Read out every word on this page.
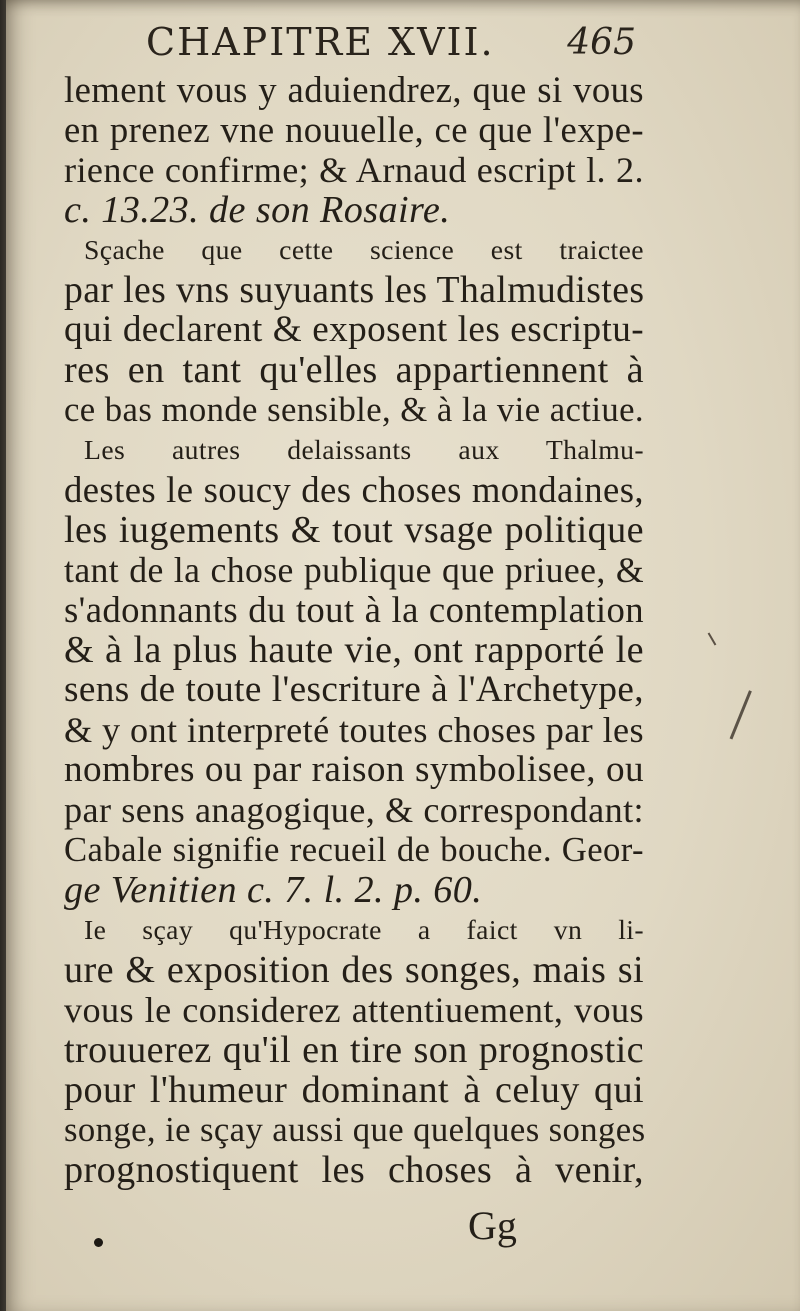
CHAPITRE XVII. 465
lement vous y aduiendrez, que si vous
en prenez vne nouuelle, ce que l'expe-
rience confirme; & Arnaud escript l. 2.
c. 13.23. de son Rosaire.
Sçache que cette science est traictee
par les vns suyuants les Thalmudistes
qui declarent & exposent les escriptu-
res en tant qu'elles appartiennent à
ce bas monde sensible, & à la vie actiue.
Les autres delaissants aux Thalmu-
destes le soucy des choses mondaines,
les iugements & tout vsage politique
tant de la chose publique que priuee, &
s'adonnants du tout à la contemplation
& à la plus haute vie, ont rapporté le
sens de toute l'escriture à l'Archetype,
& y ont interpreté toutes choses par les
nombres ou par raison symbolisee, ou
par sens anagogique, & correspondant:
Cabale signifie recueil de bouche. Geor-
ge Venitien c. 7. l. 2. p. 60.
Ie sçay qu'Hypocrate a faict vn li-
ure & exposition des songes, mais si
vous le considerez attentiuement, vous
trouuerez qu'il en tire son prognostic
pour l'humeur dominant à celuy qui
songe, ie sçay aussi que quelques songes
prognostiquent les choses à venir,
Gg
